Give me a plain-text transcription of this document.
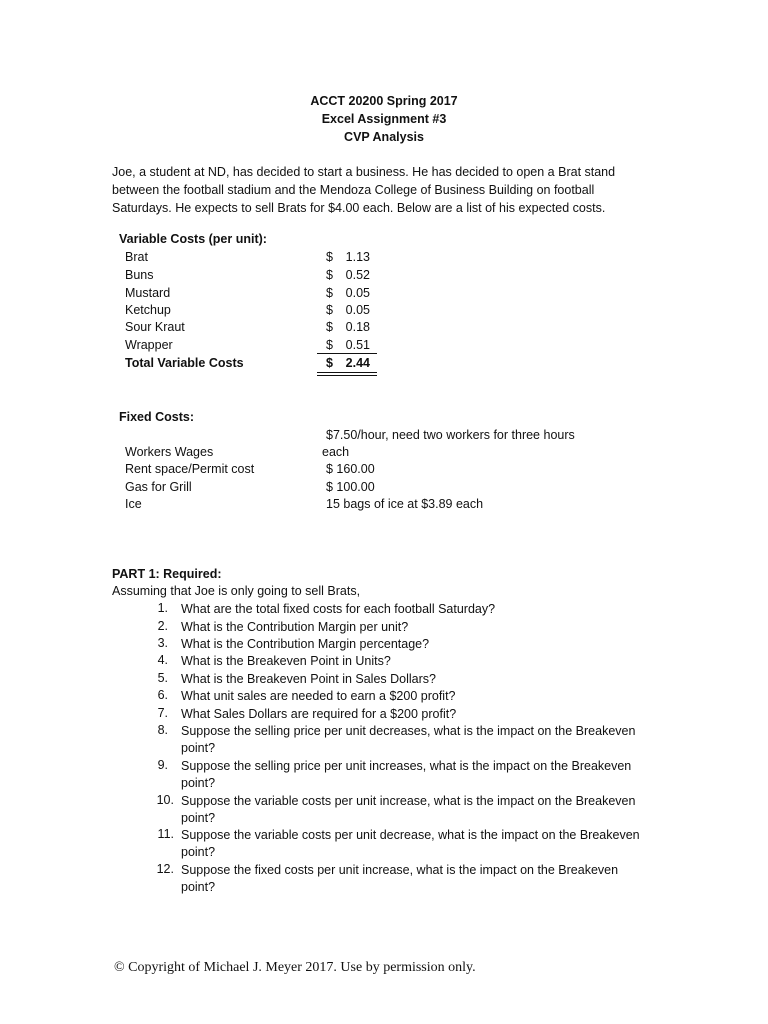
ACCT 20200 Spring 2017
Excel Assignment #3
CVP Analysis
Joe, a student at ND, has decided to start a business. He has decided to open a Brat stand between the football stadium and the Mendoza College of Business Building on football Saturdays. He expects to sell Brats for $4.00 each. Below are a list of his expected costs.
Variable Costs (per unit):
Brat	$	1.13
Buns	$	0.52
Mustard	$	0.05
Ketchup	$	0.05
Sour Kraut	$	0.18
Wrapper	$	0.51
Total Variable Costs	$	2.44
Fixed Costs:
$7.50/hour, need two workers for three hours
Workers Wages	each
Rent space/Permit cost	$ 160.00
Gas for Grill	$ 100.00
Ice	15 bags of ice at $3.89 each
PART 1: Required:
Assuming that Joe is only going to sell Brats,
1. What are the total fixed costs for each football Saturday?
2. What is the Contribution Margin per unit?
3. What is the Contribution Margin percentage?
4. What is the Breakeven Point in Units?
5. What is the Breakeven Point in Sales Dollars?
6. What unit sales are needed to earn a $200 profit?
7. What Sales Dollars are required for a $200 profit?
8. Suppose the selling price per unit decreases, what is the impact on the Breakeven point?
9. Suppose the selling price per unit increases, what is the impact on the Breakeven point?
10. Suppose the variable costs per unit increase, what is the impact on the Breakeven point?
11. Suppose the variable costs per unit decrease, what is the impact on the Breakeven point?
12. Suppose the fixed costs per unit increase, what is the impact on the Breakeven point?
© Copyright of Michael J. Meyer 2017. Use by permission only.
